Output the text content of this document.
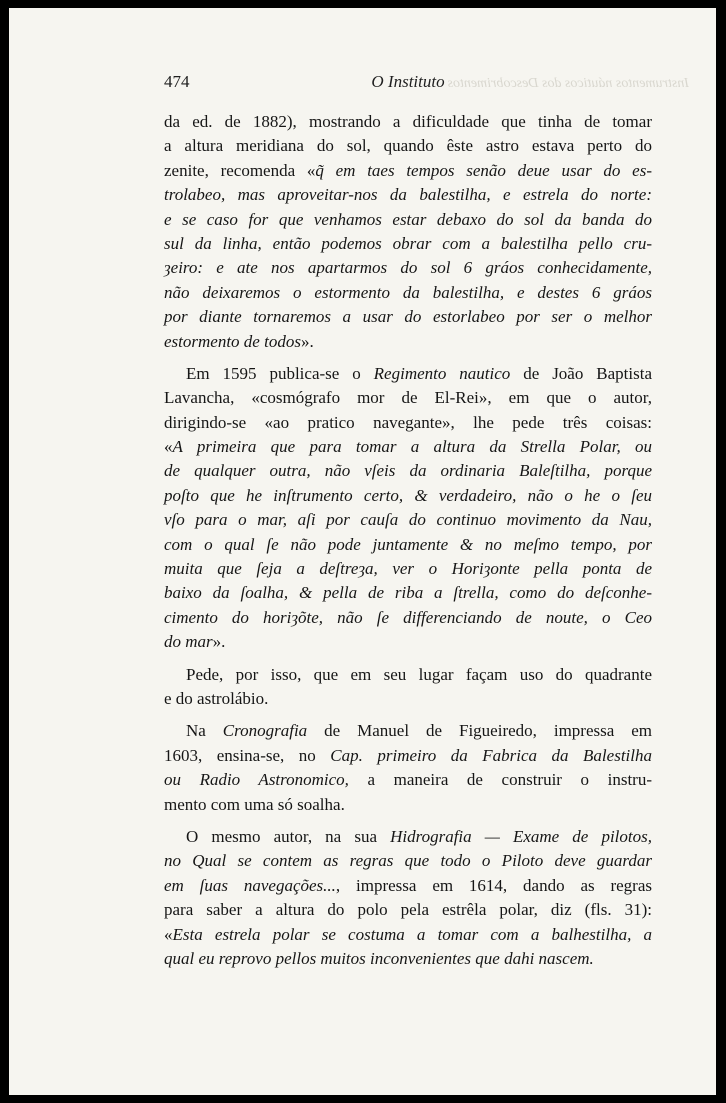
Instrumentos náuticos dos Descobrimentos
474	O Instituto
da ed. de 1882), mostrando a dificuldade que tinha de tomar
a altura meridiana do sol, quando êste astro estava perto do
zenite, recomenda «q̃ em taes tempos senão deue usar do es-
trolabeo, mas aproveitar-nos da balestilha, e estrela do norte:
e se caso for que venhamos estar debaxo do sol da banda do
sul da linha, então podemos obrar com a balestilha pello cru-
ȝeiro: e ate nos apartarmos do sol 6 gráos conhecidamente,
não deixaremos o estormento da balestilha, e destes 6 gráos
por diante tornaremos a usar do estorlabeo por ser o melhor
estormento de todos».
Em 1595 publica-se o Regimento nautico de João Baptista
Lavancha, «cosmógrafo mor de El-Rei», em que o autor,
dirigindo-se «ao pratico navegante», lhe pede três coisas:
«A primeira que para tomar a altura da Strella Polar, ou
de qualquer outra, não vſeis da ordinaria Baleſtilha, porque
poſto que he inſtrumento certo, & verdadeiro, não o he o ſeu
vſo para o mar, aſi por cauſa do continuo movimento da Nau,
com o qual ſe não pode juntamente & no meſmo tempo, por
muita que ſeja a deſtreȝa, ver o Horiȝonte pella ponta de
baixo da ſoalha, & pella de riba a ſtrella, como do deſconhe-
cimento do horiȝõte, não ſe differenciando de noute, o Ceo
do mar».
Pede, por isso, que em seu lugar façam uso do quadrante
e do astrolábio.
Na Cronografia de Manuel de Figueiredo, impressa em
1603, ensina-se, no Cap. primeiro da Fabrica da Balestilha
ou Radio Astronomico, a maneira de construir o instru-
mento com uma só soalha.
O mesmo autor, na sua Hidrografia — Exame de pilotos,
no Qual se contem as regras que todo o Piloto deve guardar
em ſuas navegações..., impressa em 1614, dando as regras
para saber a altura do polo pela estrêla polar, diz (fls. 31):
«Esta estrela polar se costuma a tomar com a balhestilha, a
qual eu reprovo pellos muitos inconvenientes que dahi nascem.
